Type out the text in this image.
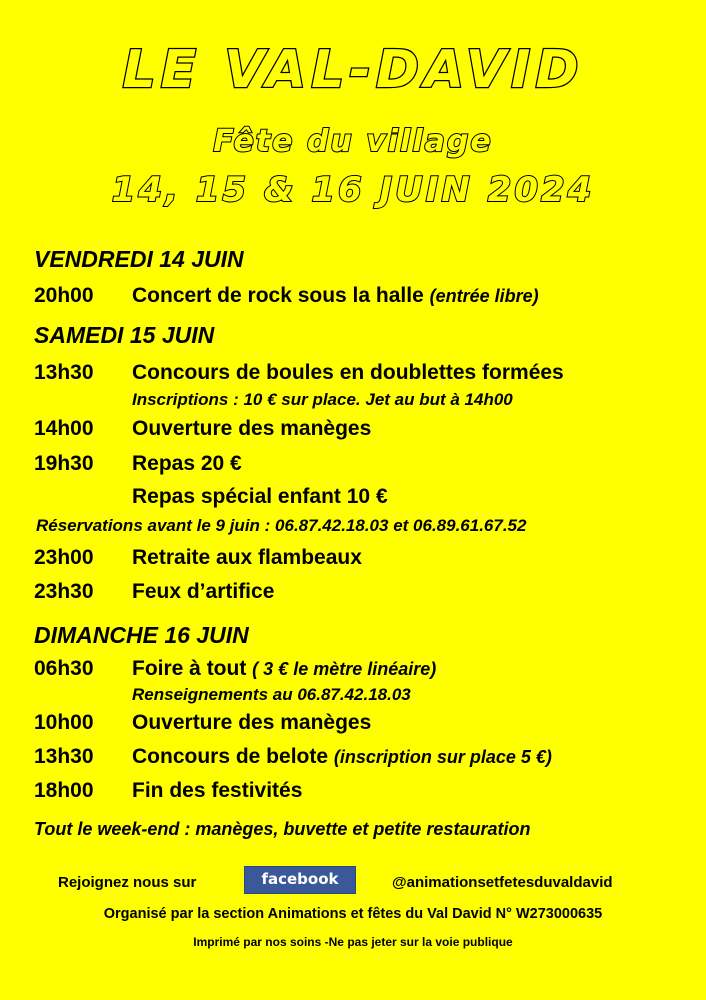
LE VAL-DAVID
Fête du village
14, 15 & 16 JUIN 2024
VENDREDI 14 JUIN
20h00 Concert de rock sous la halle (entrée libre)
SAMEDI 15 JUIN
13h30 Concours de boules en doublettes formées
Inscriptions : 10 € sur place. Jet au but à 14h00
14h00 Ouverture des manèges
19h30 Repas 20 €
Repas spécial enfant 10 €
Réservations avant le 9 juin : 06.87.42.18.03 et 06.89.61.67.52
23h00 Retraite aux flambeaux
23h30 Feux d’artifice
DIMANCHE 16 JUIN
06h30 Foire à tout ( 3 € le mètre linéaire)
Renseignements au 06.87.42.18.03
10h00 Ouverture des manèges
13h30 Concours de belote (inscription sur place 5 €)
18h00 Fin des festivités
Tout le week-end : manèges, buvette et petite restauration
Rejoignez nous sur	facebook	@animationsetfetesduvaldavid
Organisé par la section Animations et fêtes du Val David N° W273000635
Imprimé par nos soins -Ne pas jeter sur la voie publique
